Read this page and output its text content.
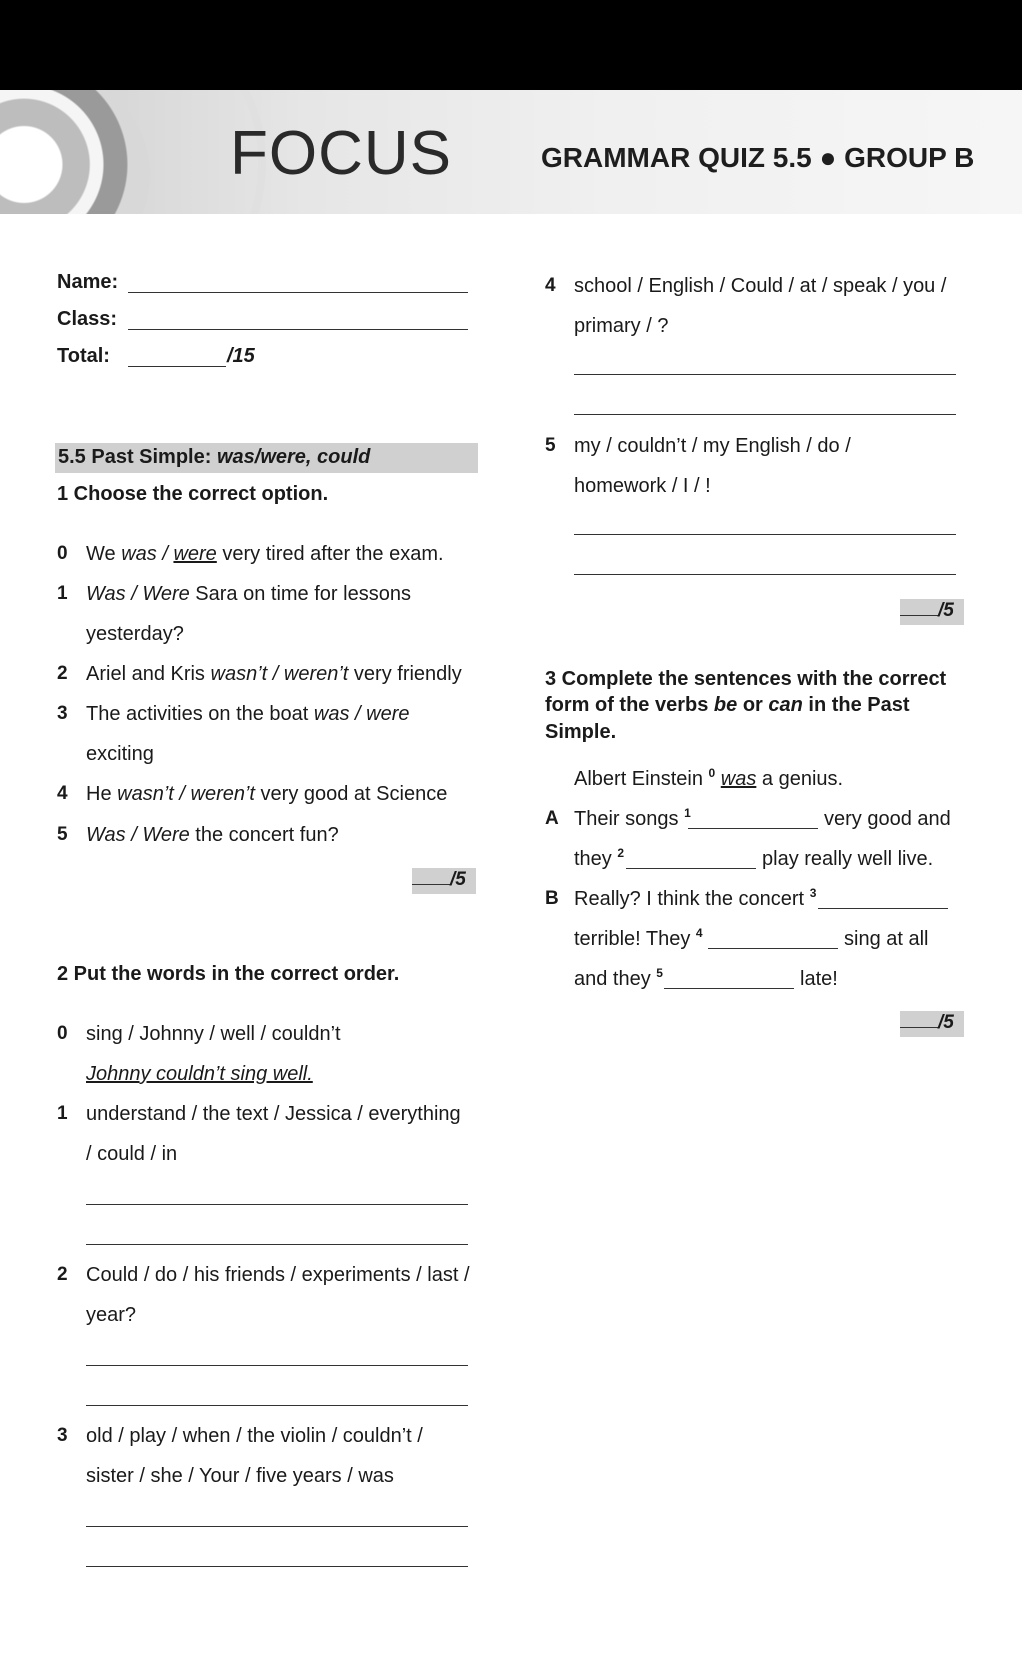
FOCUS	GRAMMAR QUIZ 5.5 ● GROUP B
Name:
Class:
Total:	/15
5.5 Past Simple: was/were, could
1 Choose the correct option.
0 We was / were very tired after the exam.
1 Was / Were Sara on time for lessons
yesterday?
2 Ariel and Kris wasn’t / weren’t very friendly
3 The activities on the boat was / were
exciting
4 He wasn’t / weren’t very good at Science
5 Was / Were the concert fun?
/5
2 Put the words in the correct order.
0 sing / Johnny / well / couldn’t
Johnny couldn’t sing well.
1 understand / the text / Jessica / everything
/ could / in
2 Could / do / his friends / experiments / last /
year?
3 old / play / when / the violin / couldn’t /
sister / she / Your / five years / was
4 school / English / Could / at / speak / you /
primary / ?
5 my / couldn’t / my English / do /
homework / I / !
/5
3 Complete the sentences with the correct
form of the verbs be or can in the Past
Simple.
Albert Einstein $^0$ was a genius.
A Their songs $^1$	very good and
they $^2$	play really well live.
B Really? I think the concert $^3$
terrible! They $^4$	sing at all
and they $^5$	late!
/5
